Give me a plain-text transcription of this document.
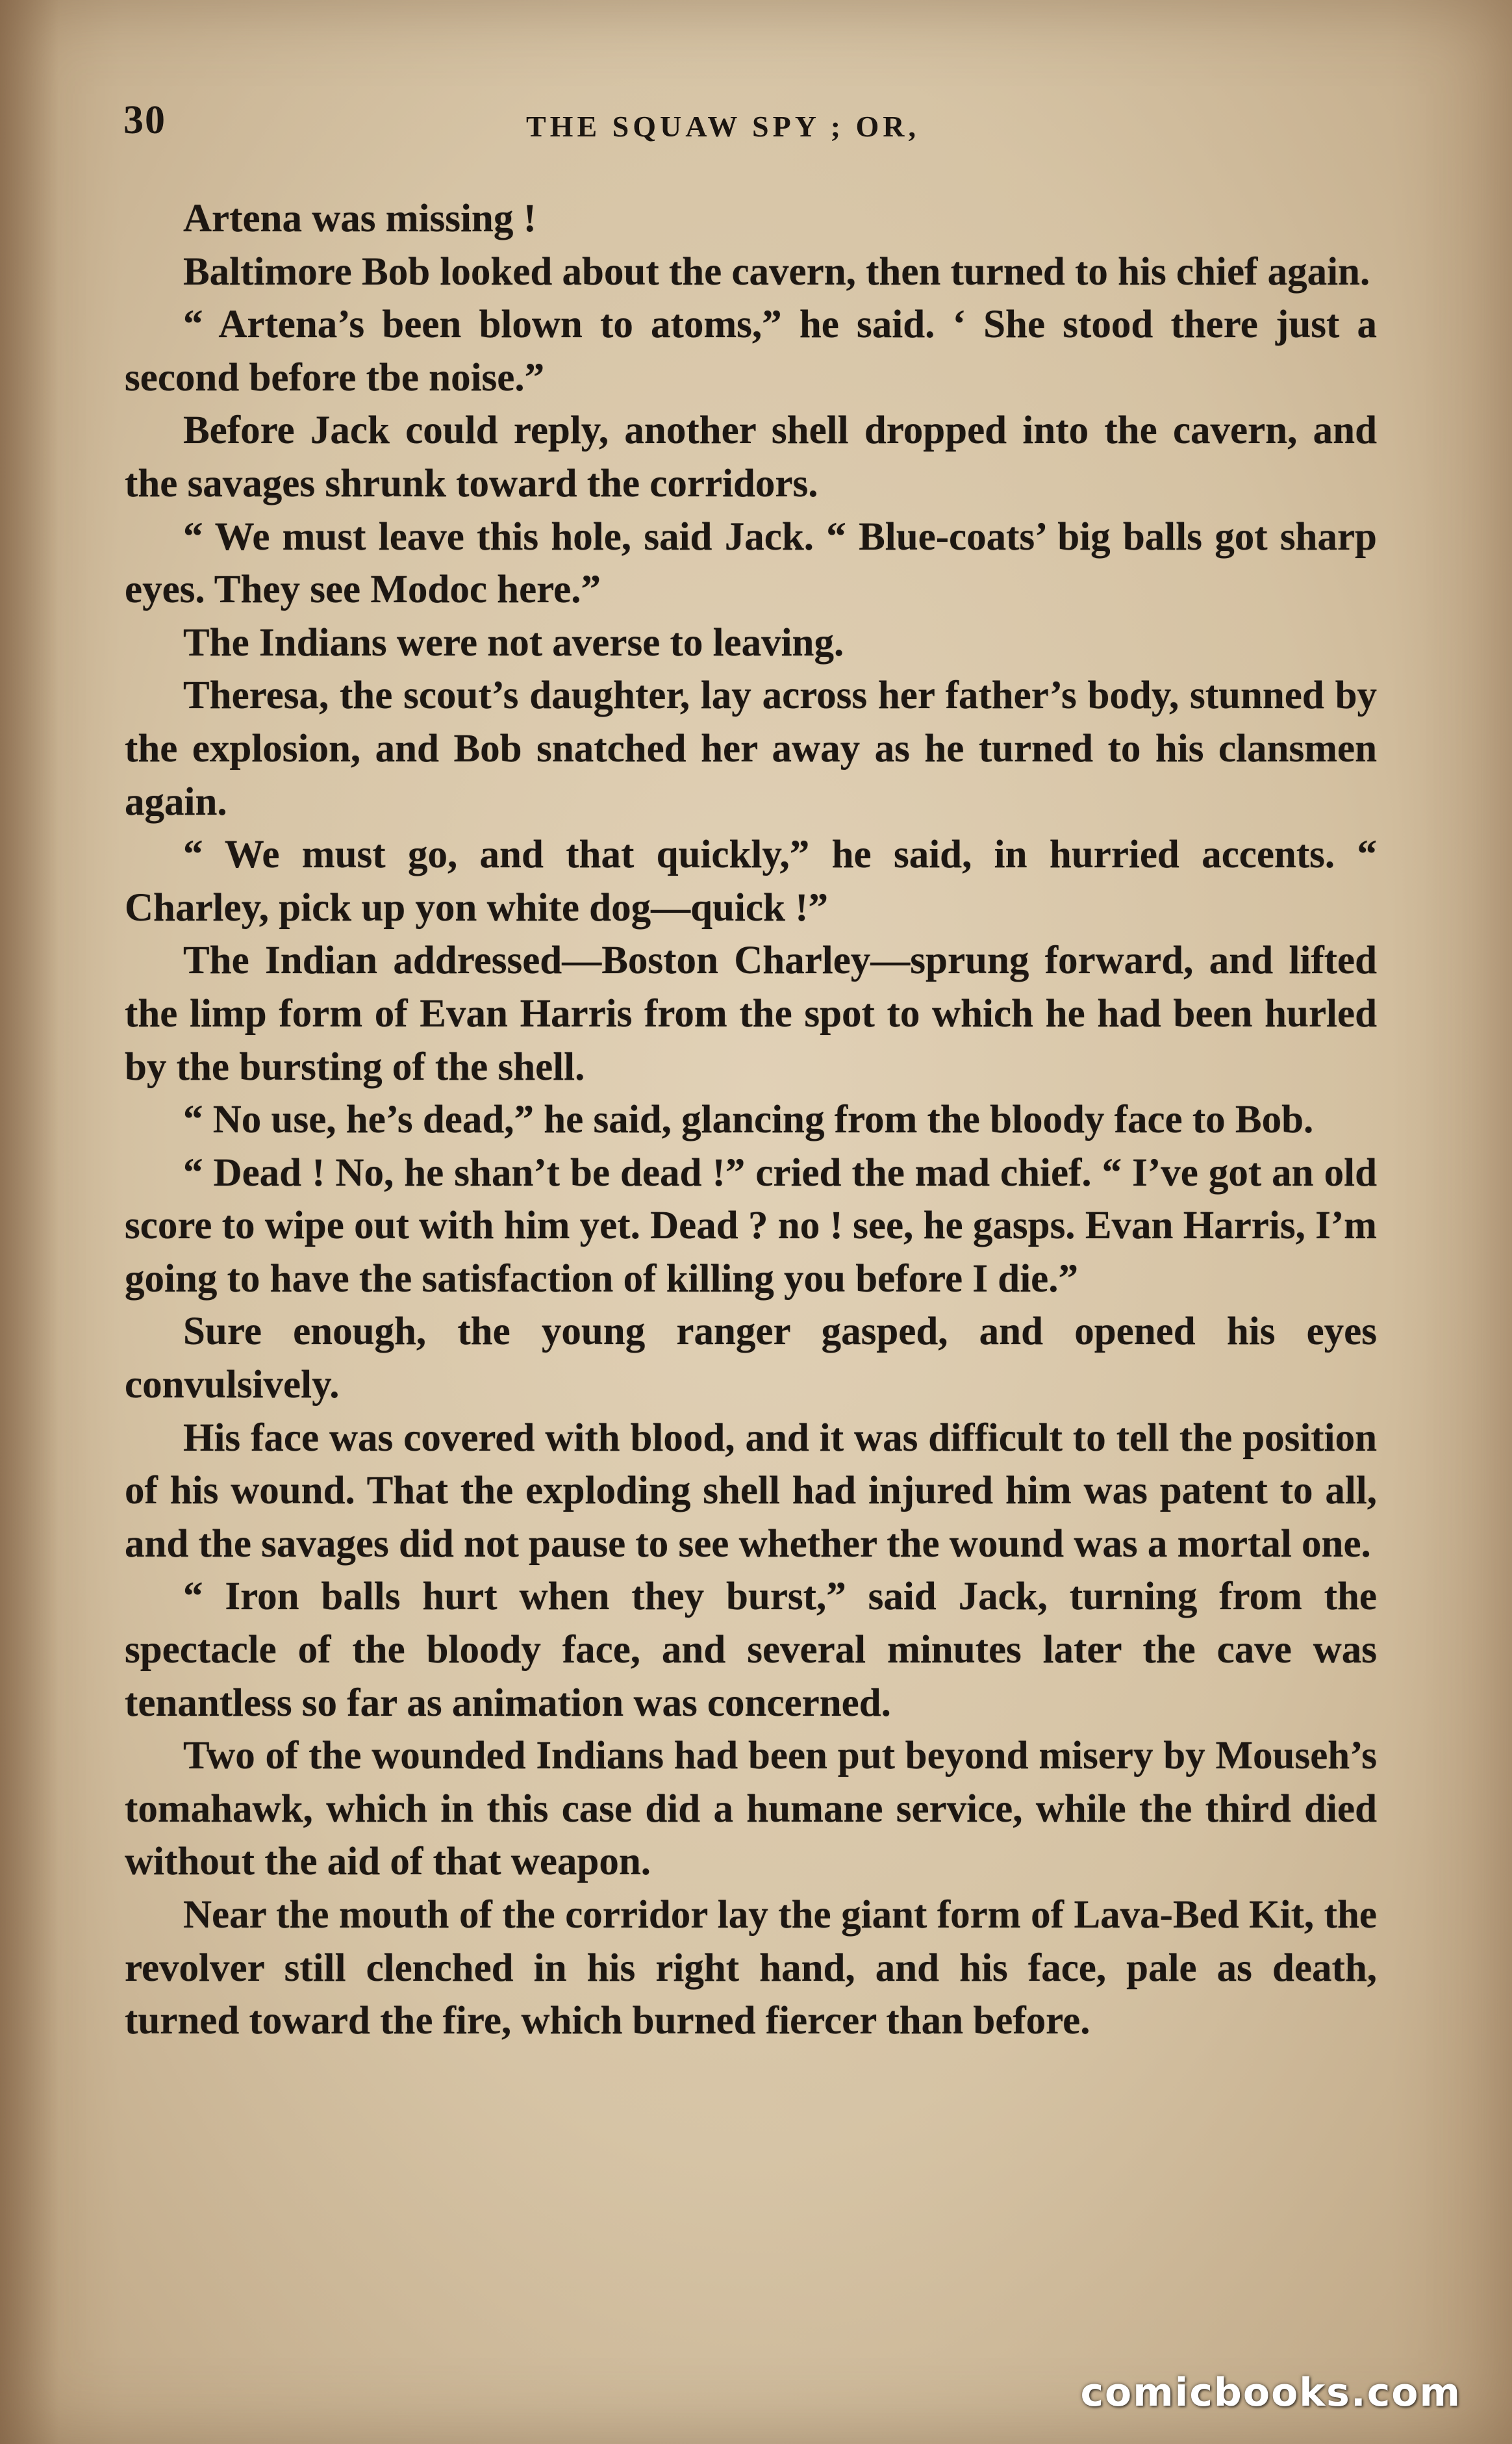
30	THE SQUAW SPY ; OR,

Artena was missing !

Baltimore Bob looked about the cavern, then turned to his chief again.

“ Artena’s been blown to atoms,” he said. ‘ She stood there just a second before tbe noise.”

Before Jack could reply, another shell dropped into the cavern, and the savages shrunk toward the corridors.

“ We must leave this hole, said Jack. “ Blue-coats’ big balls got sharp eyes. They see Modoc here.”

The Indians were not averse to leaving.

Theresa, the scout’s daughter, lay across her father’s body, stunned by the explosion, and Bob snatched her away as he turned to his clansmen again.

“ We must go, and that quickly,” he said, in hurried accents. “ Charley, pick up yon white dog—quick !”

The Indian addressed—Boston Charley—sprung forward, and lifted the limp form of Evan Harris from the spot to which he had been hurled by the bursting of the shell.

“ No use, he’s dead,” he said, glancing from the bloody face to Bob.

“ Dead ! No, he shan’t be dead !” cried the mad chief. “ I’ve got an old score to wipe out with him yet. Dead ? no ! see, he gasps. Evan Harris, I’m going to have the satisfaction of killing you before I die.”

Sure enough, the young ranger gasped, and opened his eyes convulsively.

His face was covered with blood, and it was difficult to tell the position of his wound. That the exploding shell had injured him was patent to all, and the savages did not pause to see whether the wound was a mortal one.

“ Iron balls hurt when they burst,” said Jack, turning from the spectacle of the bloody face, and several minutes later the cave was tenantless so far as animation was concerned.

Two of the wounded Indians had been put beyond misery by Mouseh’s tomahawk, which in this case did a humane service, while the third died without the aid of that weapon.

Near the mouth of the corridor lay the giant form of Lava-Bed Kit, the revolver still clenched in his right hand, and his face, pale as death, turned toward the fire, which burned fiercer than before.

comicbooks.com
